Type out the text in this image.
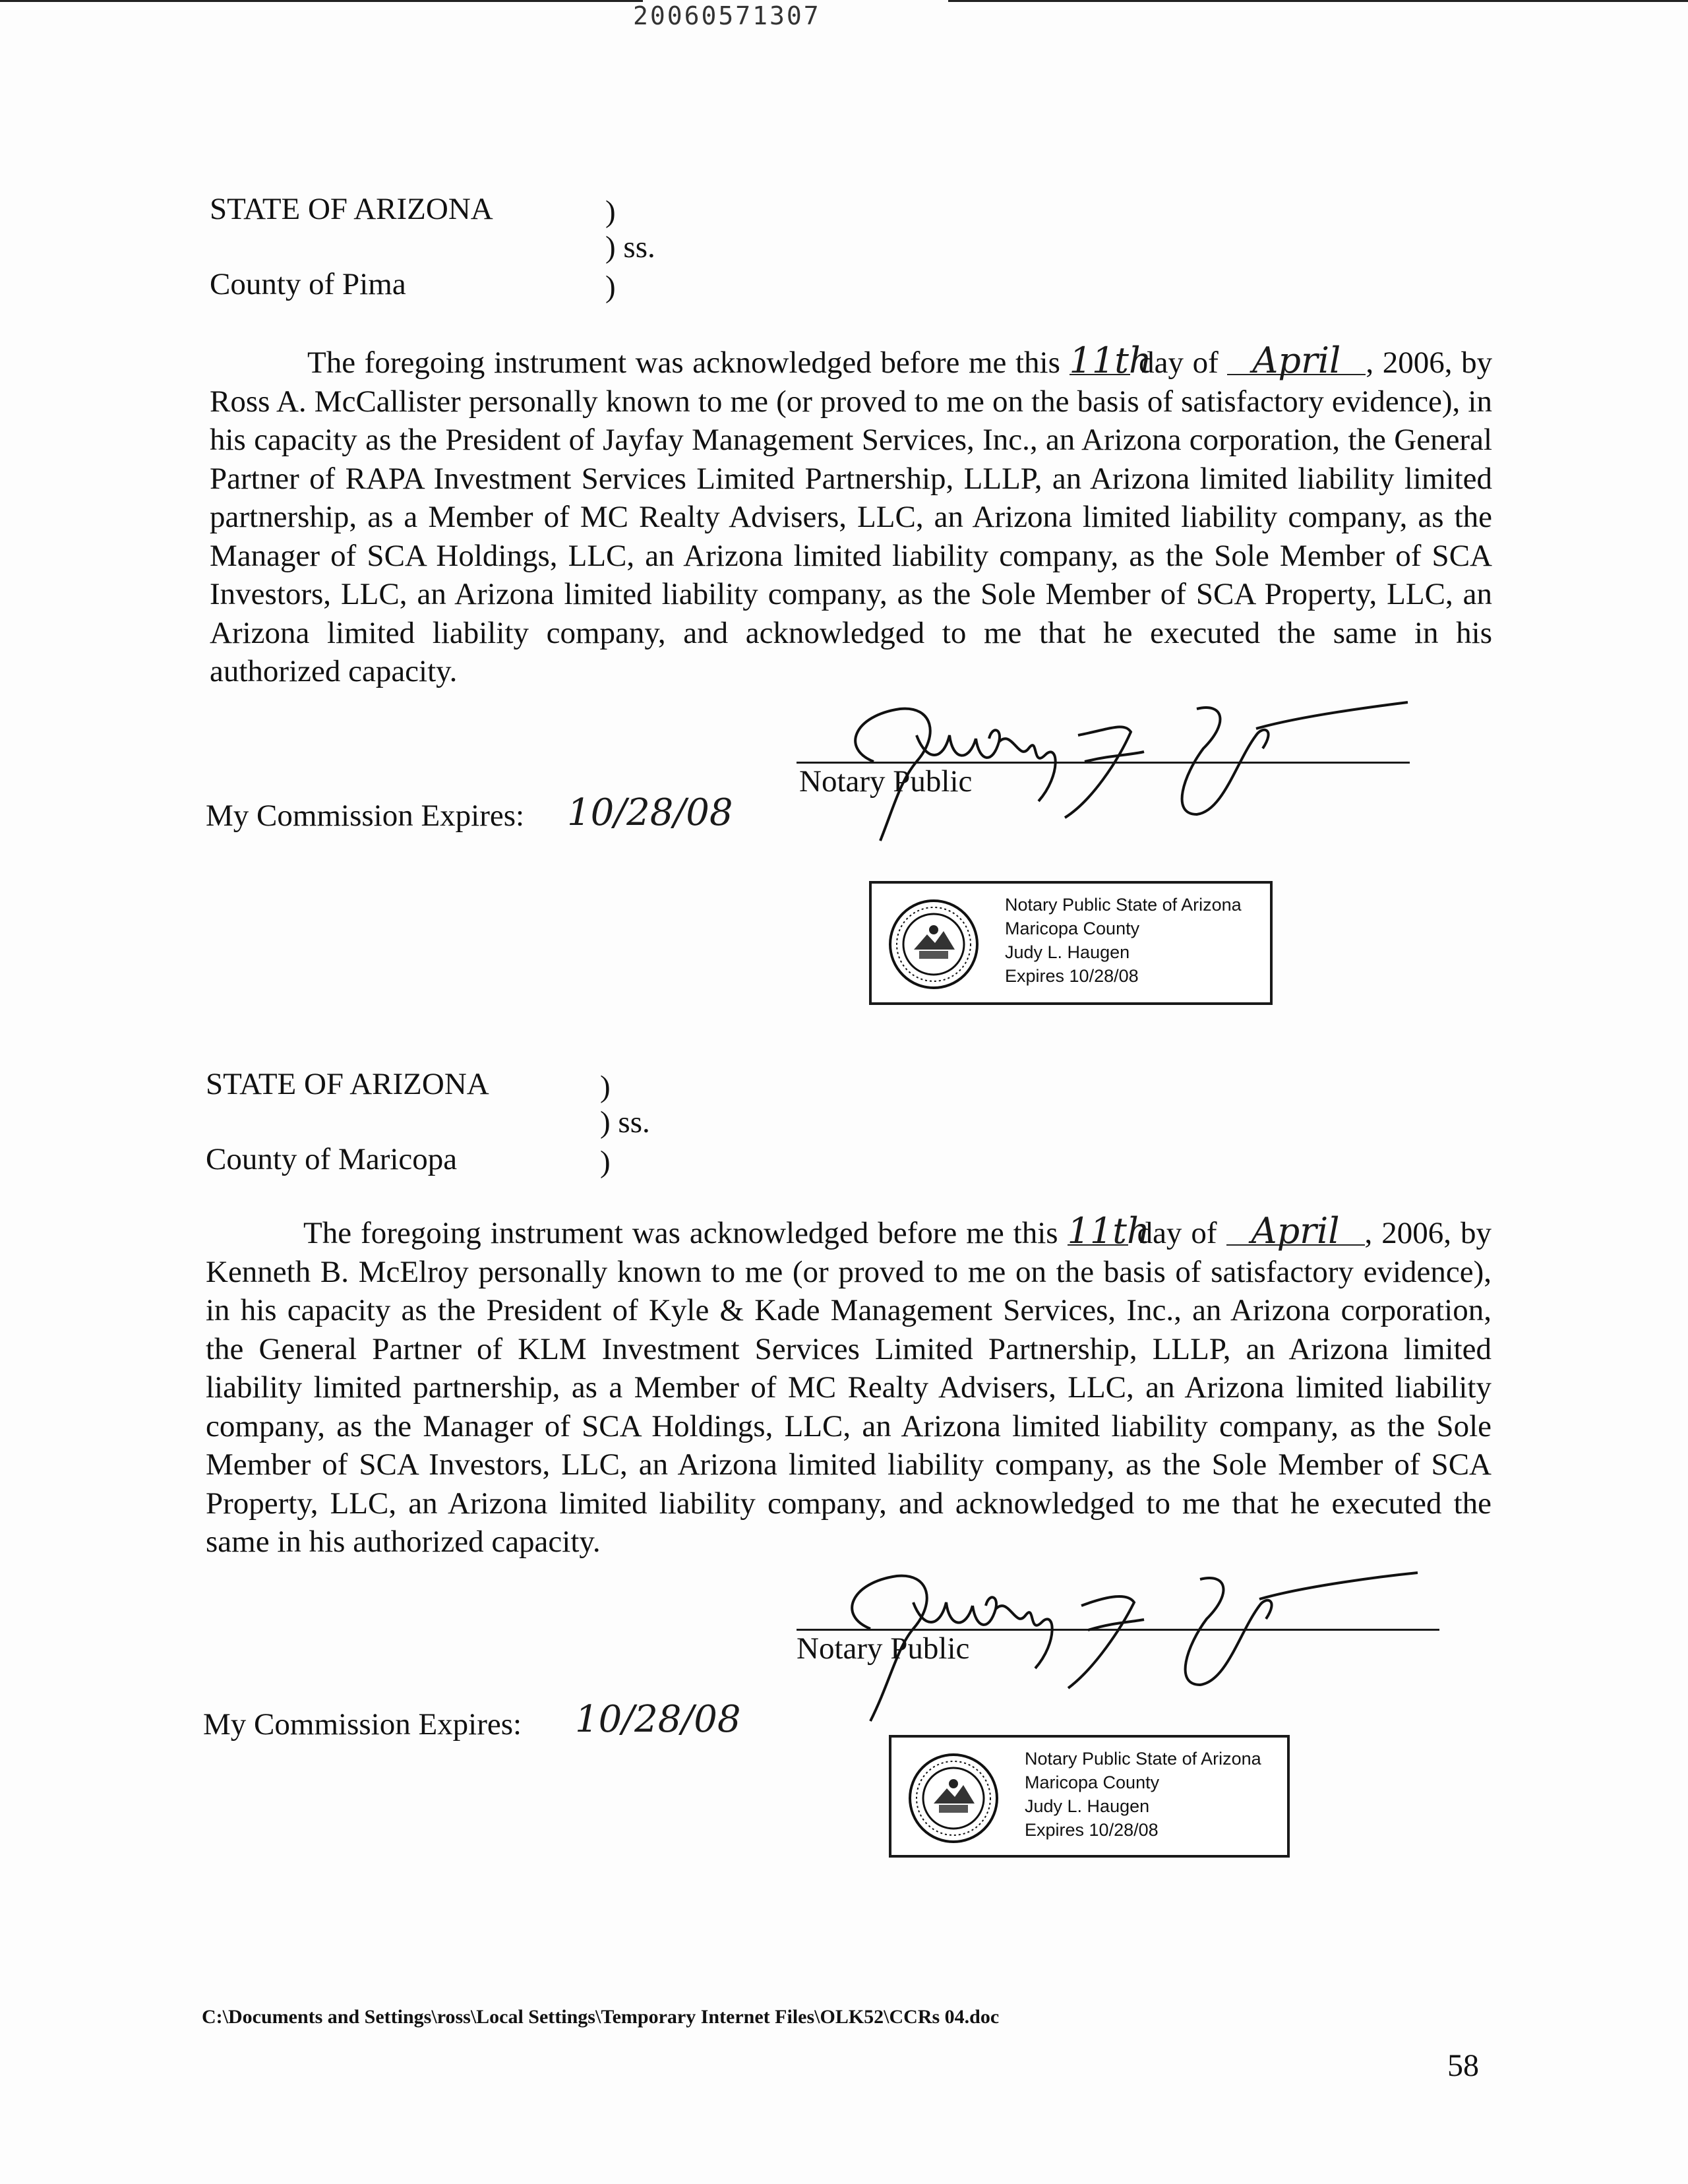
20060571307
STATE OF ARIZONA	)
) ss.
County of Pima	)
The foregoing instrument was acknowledged before me this 11th day of April , 2006, by Ross A. McCallister personally known to me (or proved to me on the basis of satisfactory evidence), in his capacity as the President of Jayfay Management Services, Inc., an Arizona corporation, the General Partner of RAPA Investment Services Limited Partnership, LLLP, an Arizona limited liability limited partnership, as a Member of MC Realty Advisers, LLC, an Arizona limited liability company, as the Manager of SCA Holdings, LLC, an Arizona limited liability company, as the Sole Member of SCA Investors, LLC, an Arizona limited liability company, as the Sole Member of SCA Property, LLC, an Arizona limited liability company, and acknowledged to me that he executed the same in his authorized capacity.
Notary Public
My Commission Expires: 10/28/08
Notary Public State of Arizona
Maricopa County
Judy L. Haugen
Expires 10/28/08
STATE OF ARIZONA	)
) ss.
County of Maricopa	)
The foregoing instrument was acknowledged before me this 11th day of April , 2006, by Kenneth B. McElroy personally known to me (or proved to me on the basis of satisfactory evidence), in his capacity as the President of Kyle & Kade Management Services, Inc., an Arizona corporation, the General Partner of KLM Investment Services Limited Partnership, LLLP, an Arizona limited liability limited partnership, as a Member of MC Realty Advisers, LLC, an Arizona limited liability company, as the Manager of SCA Holdings, LLC, an Arizona limited liability company, as the Sole Member of SCA Investors, LLC, an Arizona limited liability company, as the Sole Member of SCA Property, LLC, an Arizona limited liability company, and acknowledged to me that he executed the same in his authorized capacity.
Notary Public
My Commission Expires: 10/28/08
Notary Public State of Arizona
Maricopa County
Judy L. Haugen
Expires 10/28/08
C:\Documents and Settings\ross\Local Settings\Temporary Internet Files\OLK52\CCRs 04.doc
58
